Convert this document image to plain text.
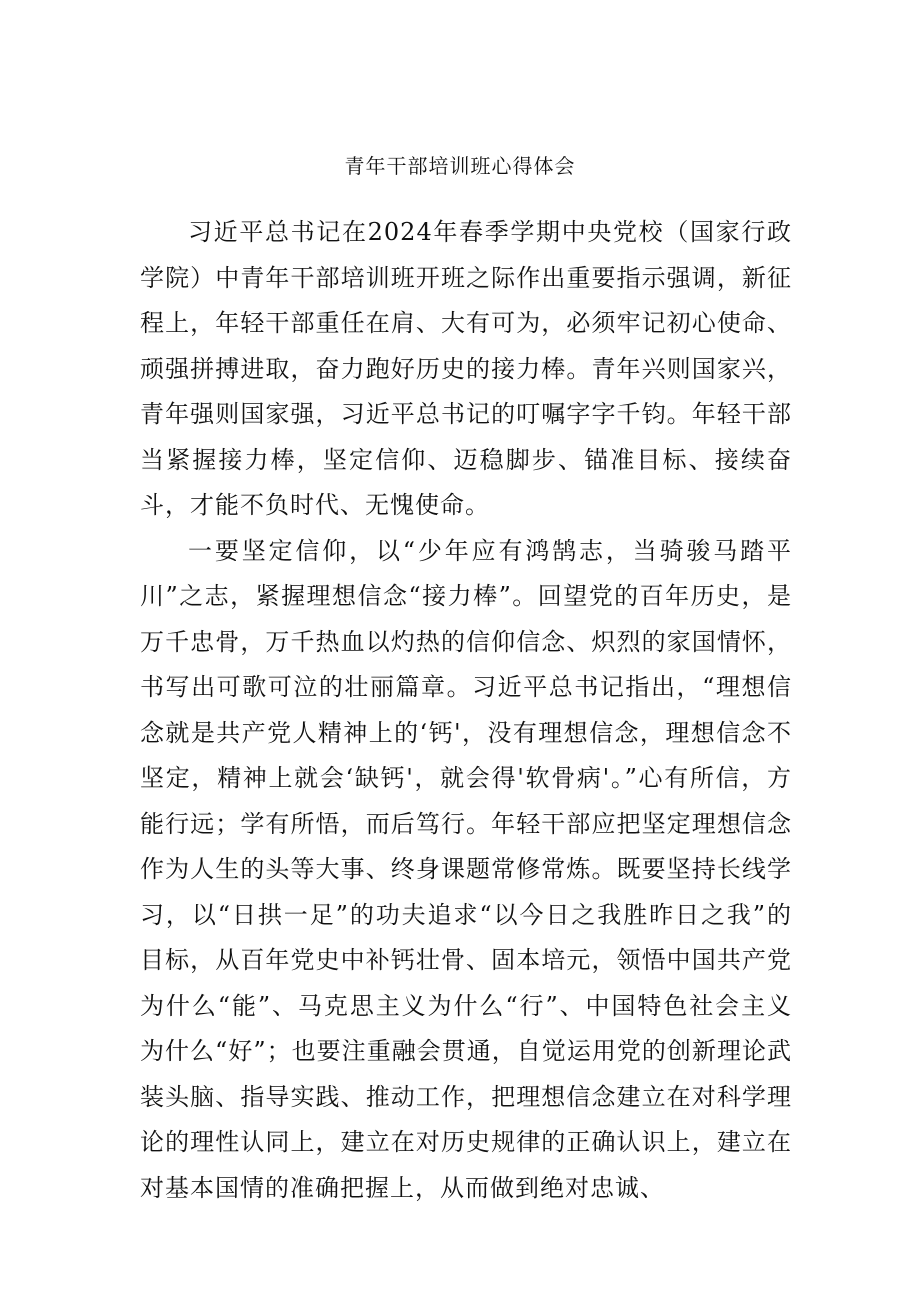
青年干部培训班心得体会

习近平总书记在2024年春季学期中央党校（国家行政学院）中青年干部培训班开班之际作出重要指示强调，新征程上，年轻干部重任在肩、大有可为，必须牢记初心使命、顽强拼搏进取，奋力跑好历史的接力棒。青年兴则国家兴，青年强则国家强，习近平总书记的叮嘱字字千钧。年轻干部当紧握接力棒，坚定信仰、迈稳脚步、锚准目标、接续奋斗，才能不负时代、无愧使命。

一要坚定信仰，以“少年应有鸿鹄志，当骑骏马踏平川”之志，紧握理想信念“接力棒”。回望党的百年历史，是万千忠骨，万千热血以灼热的信仰信念、炽烈的家国情怀，书写出可歌可泣的壮丽篇章。习近平总书记指出，“理想信念就是共产党人精神上的‘钙'，没有理想信念，理想信念不坚定，精神上就会‘缺钙'，就会得'软骨病'。”心有所信，方能行远；学有所悟，而后笃行。年轻干部应把坚定理想信念作为人生的头等大事、终身课题常修常炼。既要坚持长线学习，以“日拱一足”的功夫追求“以今日之我胜昨日之我”的目标，从百年党史中补钙壮骨、固本培元，领悟中国共产党为什么“能”、马克思主义为什么“行”、中国特色社会主义为什么“好”；也要注重融会贯通，自觉运用党的创新理论武装头脑、指导实践、推动工作，把理想信念建立在对科学理论的理性认同上，建立在对历史规律的正确认识上，建立在对基本国情的准确把握上，从而做到绝对忠诚、
